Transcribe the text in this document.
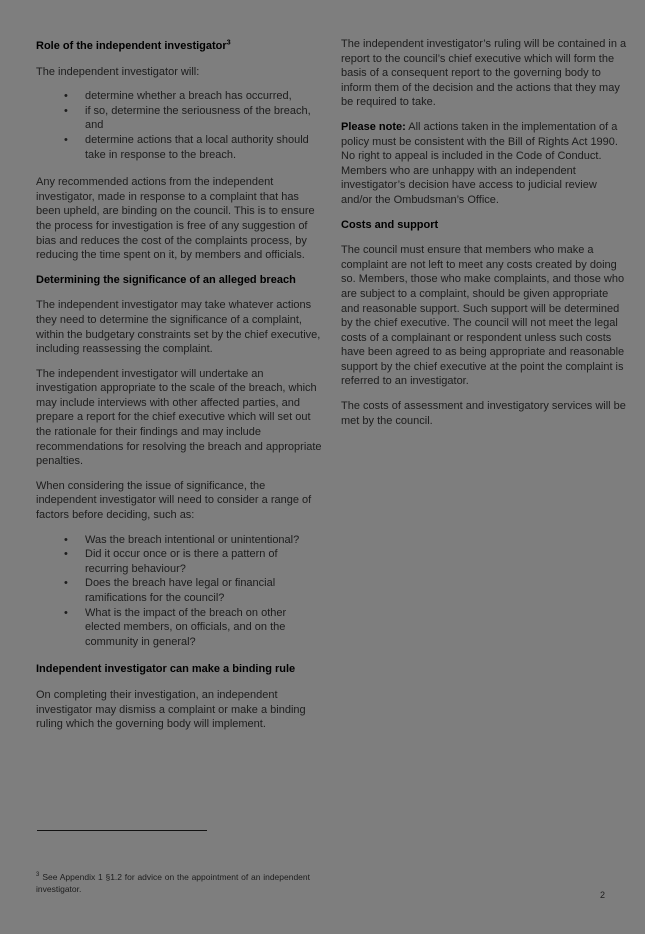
Role of the independent investigator$^3$

The independent investigator will:

• determine whether a breach has occurred,
• if so, determine the seriousness of the breach, and
• determine actions that a local authority should take in response to the breach.

Any recommended actions from the independent investigator, made in response to a complaint that has been upheld, are binding on the council. This is to ensure the process for investigation is free of any suggestion of bias and reduces the cost of the complaints process, by reducing the time spent on it, by members and officials.

Determining the significance of an alleged breach

The independent investigator may take whatever actions they need to determine the significance of a complaint, within the budgetary constraints set by the chief executive, including reassessing the complaint.

The independent investigator will undertake an investigation appropriate to the scale of the breach, which may include interviews with other affected parties, and prepare a report for the chief executive which will set out the rationale for their findings and may include recommendations for resolving the breach and appropriate penalties.

When considering the issue of significance, the independent investigator will need to consider a range of factors before deciding, such as:

• Was the breach intentional or unintentional?
• Did it occur once or is there a pattern of recurring behaviour?
• Does the breach have legal or financial ramifications for the council?
• What is the impact of the breach on other elected members, on officials, and on the community in general?
Independent investigator can make a binding rule

On completing their investigation, an independent investigator may dismiss a complaint or make a binding ruling which the governing body will implement.

The independent investigator’s ruling will be contained in a report to the council’s chief executive which will form the basis of a consequent report to the governing body to inform them of the decision and the actions that they may be required to take.

Please note: All actions taken in the implementation of a policy must be consistent with the Bill of Rights Act 1990. No right to appeal is included in the Code of Conduct. Members who are unhappy with an independent investigator’s decision have access to judicial review and/or the Ombudsman’s Office.

Costs and support

The council must ensure that members who make a complaint are not left to meet any costs created by doing so. Members, those who make complaints, and those who are subject to a complaint, should be given appropriate and reasonable support. Such support will be determined by the chief executive. The council will not meet the legal costs of a complainant or respondent unless such costs have been agreed to as being appropriate and reasonable support by the chief executive at the point the complaint is referred to an investigator.

The costs of assessment and investigatory services will be met by the council.

$^3$ See Appendix 1 §1.2 for advice on the appointment of an independent investigator.
2
